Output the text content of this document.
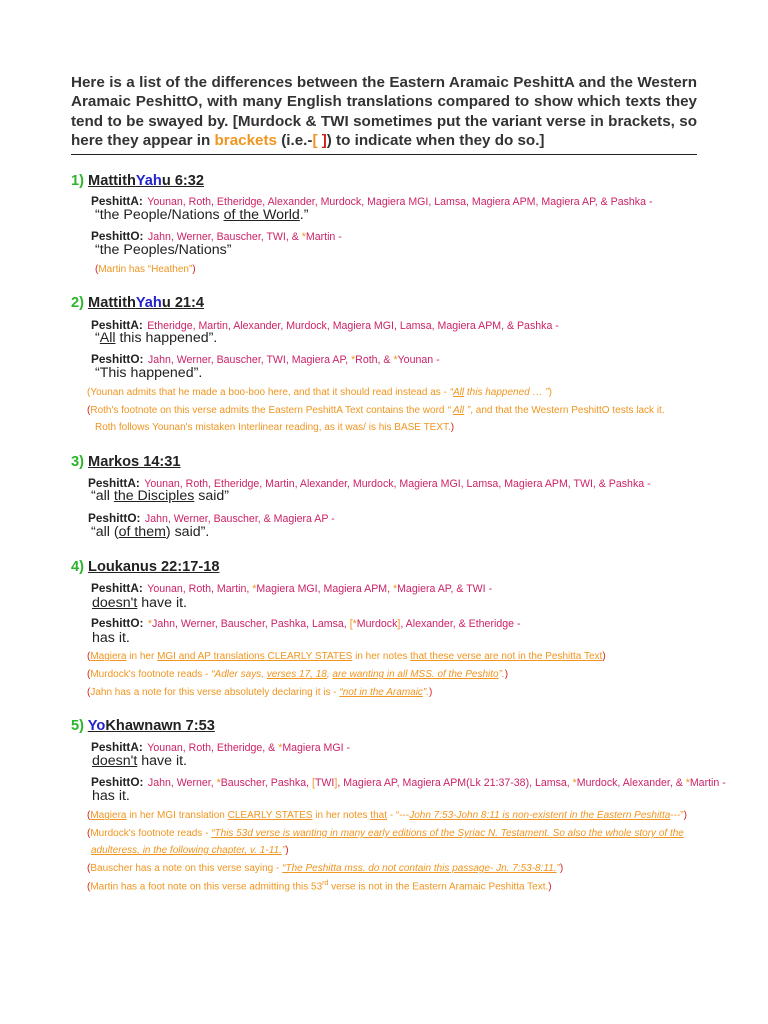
Here is a list of the differences between the Eastern Aramaic PeshittA and the Western Aramaic PeshittO, with many English translations compared to show which texts they tend to be swayed by. [Murdock & TWI sometimes put the variant verse in brackets, so here they appear in brackets (i.e.-[ ]) to indicate when they do so.]
1) MattithYahu 6:32
PeshittA: Younan, Roth, Etheridge, Alexander, Murdock, Magiera MGI, Lamsa, Magiera APM, Magiera AP, & Pashka -
“the People/Nations of the World.”
PeshittO: Jahn, Werner, Bauscher, TWI, & *Martin -
“the Peoples/Nations”
(Martin has “Heathen”)
2) MattithYahu 21:4
PeshittA: Etheridge, Martin, Alexander, Murdock, Magiera MGI, Lamsa, Magiera APM, & Pashka -
“All this happened”.
PeshittO: Jahn, Werner, Bauscher, TWI, Magiera AP, *Roth, & *Younan -
“This happened”.
(Younan admits that he made a boo-boo here, and that it should read instead as - “All this happened … ”)
(Roth's footnote on this verse admits the Eastern PeshittA Text contains the word “ All ”, and that the Western PeshittO tests lack it.
Roth follows Younan's mistaken Interlinear reading, as it was/ is his BASE TEXT.)
3) Markos 14:31
PeshittA: Younan, Roth, Etheridge, Martin, Alexander, Murdock, Magiera MGI, Lamsa, Magiera APM, TWI, & Pashka -
“all the Disciples said”
PeshittO: Jahn, Werner, Bauscher, & Magiera AP -
“all (of them) said”.
4) Loukanus 22:17-18
PeshittA: Younan, Roth, Martin, *Magiera MGI, Magiera APM, *Magiera AP, & TWI -
doesn't have it.
PeshittO: *Jahn, Werner, Bauscher, Pashka, Lamsa, [*Murdock], Alexander, & Etheridge -
has it.
(Magiera in her MGI and AP translations CLEARLY STATES in her notes that these verse are not in the Peshitta Text)
(Murdock's footnote reads - “Adler says, verses 17, 18, are wanting in all MSS. of the Peshito”.)
(Jahn has a note for this verse absolutely declaring it is - “not in the Aramaic”.)
5) YoKhawnawn 7:53
PeshittA: Younan, Roth, Etheridge, & *Magiera MGI -
doesn't have it.
PeshittO: Jahn, Werner, *Bauscher, Pashka, [TWI], Magiera AP, Magiera APM(Lk 21:37-38), Lamsa, *Murdock, Alexander, & *Martin -
has it.
(Magiera in her MGI translation CLEARLY STATES in her notes that - “---John 7:53-John 8:11 is non-existent in the Eastern Peshitta---”)
(Murdock's footnote reads - “This 53d verse is wanting in many early editions of the Syriac N. Testament. So also the whole story of the
adulteress, in the following chapter, v. 1-11.”)
(Bauscher has a note on this verse saying - “The Peshitta mss. do not contain this passage- Jn. 7:53-8:11.”)
(Martin has a foot note on this verse admitting this 53rd verse is not in the Eastern Aramaic Peshitta Text.)
